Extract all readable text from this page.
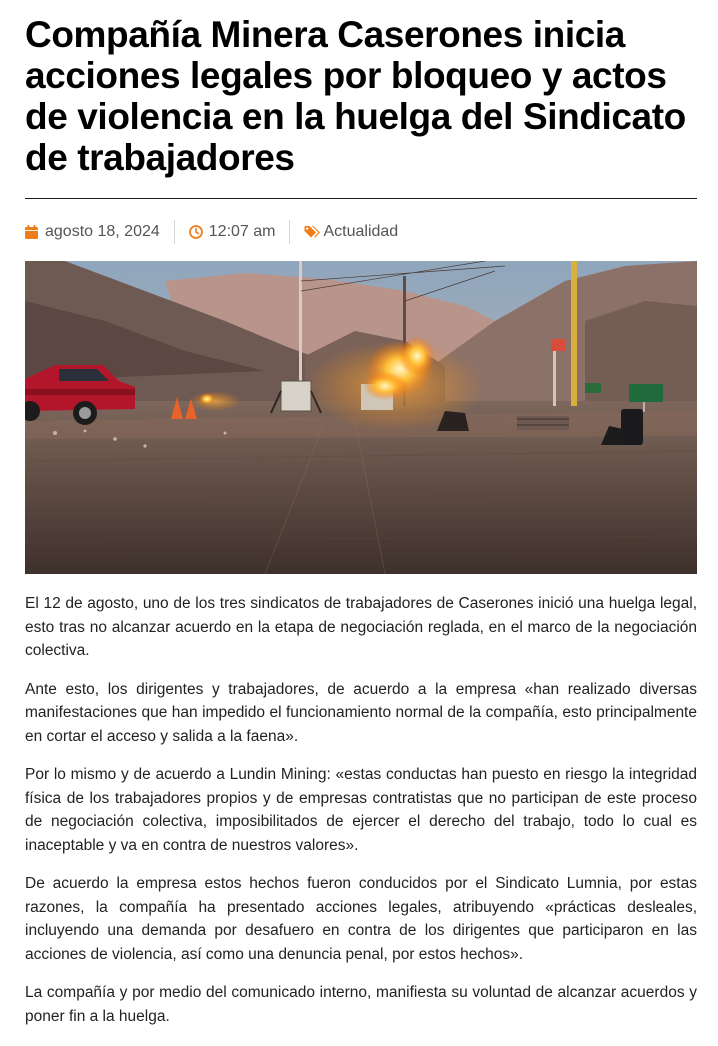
Compañía Minera Caserones inicia acciones legales por bloqueo y actos de violencia en la huelga del Sindicato de trabajadores
agosto 18, 2024	12:07 am	Actualidad

El 12 de agosto, uno de los tres sindicatos de trabajadores de Caserones inició una huelga legal, esto tras no alcanzar acuerdo en la etapa de negociación reglada, en el marco de la negociación colectiva.

Ante esto, los dirigentes y trabajadores, de acuerdo a la empresa «han realizado diversas manifestaciones que han impedido el funcionamiento normal de la compañía, esto principalmente en cortar el acceso y salida a la faena».

Por lo mismo y de acuerdo a Lundin Mining: «estas conductas han puesto en riesgo la integridad física de los trabajadores propios y de empresas contratistas que no participan de este proceso de negociación colectiva, imposibilitados de ejercer el derecho del trabajo, todo lo cual es inaceptable y va en contra de nuestros valores».

De acuerdo la empresa estos hechos fueron conducidos por el Sindicato Lumnia, por estas razones, la compañía ha presentado acciones legales, atribuyendo «prácticas desleales, incluyendo una demanda por desafuero en contra de los dirigentes que participaron en las acciones de violencia, así como una denuncia penal, por estos hechos».

La compañía y por medio del comunicado interno, manifiesta su voluntad de alcanzar acuerdos y poner fin a la huelga.
